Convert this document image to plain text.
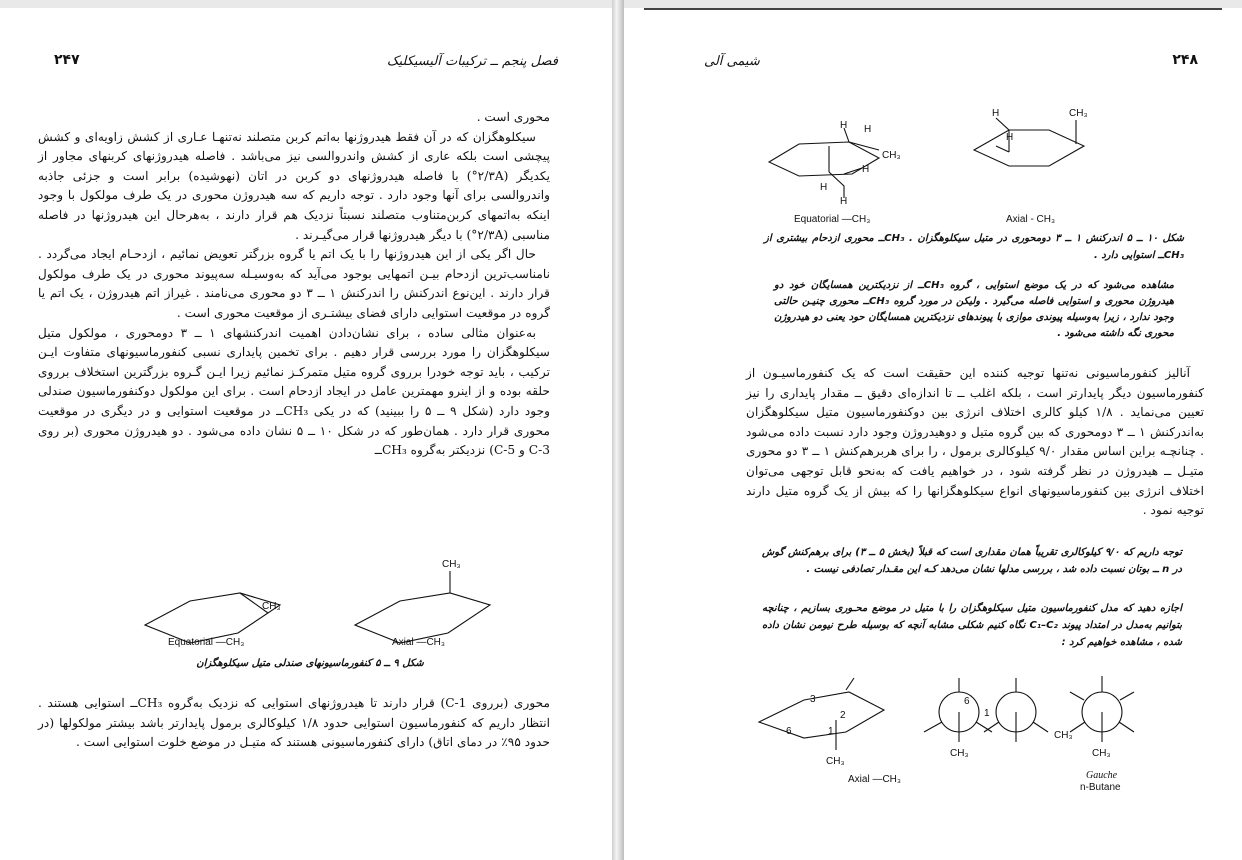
۲۴۷	فصل پنجم ــ ترکیبات آلیسیکلیک

محوری است .

سیکلوهگزان که در آن فقط هیدروژنها به‌اتم کربن متصلند نه‌تنهـا عـاری از کشش زاویه‌ای و کشش پیچشی است بلکه عاری از کشش واندروالسی نیز می‌باشد . فاصله هیدروژنهای کربنهای مجاور از یکدیگر (۲/۳A°) با فاصله هیدروژنهای دو کربن در اتان (نهوشیده) برابر است و جزئی جاذبه واندروالسی برای آنها وجود دارد . توجه داریم که سه هیدروژن محوری در یک طرف مولکول با وجود اینکه به‌اتمهای کربن‌متناوب متصلند نسبتاً نزدیک هم قرار دارند ، به‌هرحال این هیدروژنها در فاصله مناسبی (۲/۳A°) با دیگر هیدروژنها قرار می‌گیـرند .

حال اگر یکی از این هیدروژنها را با یک اتم یا گروه بزرگتر تعویض نمائیم ، ازدحـام ایجاد می‌گردد . نامناسب‌ترین ازدحام بیـن اتمهایی بوجود می‌آید که به‌وسیـله سه‌پیوند محوری در یک طرف مولکول قرار دارند . این‌نوع اندرکنش را اندرکنش ۱ ــ ۳ دو محوری می‌نامند . غیراز اتم هیدروژن ، یک اتم یا گروه در موقعیت استوایی دارای فضای بیشتـری از موقعیت محوری است .

به‌عنوان مثالی ساده ، برای نشان‌دادن اهمیت اندرکنشهای ۱ ــ ۳ دومحوری ، مولکول متیل سیکلوهگزان را مورد بررسی قرار دهیم . برای تخمین پایداری نسبی کنفورماسیونهای متفاوت ایـن ترکیب ، باید توجه خودرا برروی گروه متیل متمرکـز نمائیم زیرا ایـن گـروه بزرگترین استخلاف برروی حلقه بوده و از اینرو مهمترین عامل در ایجاد ازدحام است . برای این مولکول دوکنفورماسیون صندلی وجود دارد (شکل ۹ ــ ۵ را ببینید) که در یکی CH₃ــ در موقعیت استوایی و در دیگری در موقعیت محوری قرار دارد . همان‌طور که در شکل ۱۰ ــ ۵ نشان داده می‌شود . دو هیدروژن محوری (بر روی C-3 و C-5) نزدیکتر به‌گروه CH₃ــ

CH₃
CH₃
Equatorial —CH₃	Axial —CH₃
شکل ۹ ــ ۵ کنفورماسیونهای صندلی متیل سیکلوهگزان

محوری (برروی C-1) قرار دارند تا هیدروژنهای استوایی که نزدیک به‌گروه CH₃ــ استوایی هستند . انتظار داریم که کنفورماسیون استوایی حدود ۱/۸ کیلوکالری برمول پایدارتر باشد بیشتر مولکولها (در حدود ۹۵٪ در دمای اتاق) دارای کنفورماسیونی هستند که متیـل در موضع خلوت استوایی است .

شیمی آلی	۲۴۸
H H
CH₃
H
H
H
H	CH₃
H
Equatorial —CH₃	Axial - CH₃
شکل ۱۰ ــ ۵ اندرکنش ۱ ــ ۳ دومحوری در متیل سیکلوهگزان . CH₃ــ محوری ازدحام بیشتری از CH₃ــ استوایی دارد .
مشاهده می‌شود که در یک موضع استوایی ، گروه CH₃ــ از نزدیکترین همسایگان خود دو هیدروژن محوری و استوایی فاصله می‌گیرد . ولیکن در مورد گروه CH₃ــ محوری چنیـن حالتی وجود ندارد ، زیرا به‌وسیله پیوندی موازی با پیوندهای نزدیکترین همسایگان حود یعنی دو هیدروژن محوری نگه داشته می‌شود .

آنالیز کنفورماسیونی نه‌تنها توجیه کننده این حقیقت است که یک کنفورماسیـون از کنفورماسیون دیگر پایدارتر است ، بلکه اغلب ــ تا اندازه‌ای دقیق ــ مقدار پایداری را نیز تعیین می‌نماید . ۱/۸ کیلو کالری اختلاف انرژی بین دوکنفورماسیون متیل سیکلوهگزان به‌اندرکنش ۱ ــ ۳ دومحوری که بین گروه متیل و دوهیدروژن وجود دارد نسبت داده می‌شود . چنانچـه براین اساس مقدار ۹/۰ کیلوکالری برمول ، را برای هربرهم‌کنش ۱ ــ ۳ دو محوری متیـل ــ هیدروژن در نظر گرفته شود ، در خواهیم یافت که به‌نحو قابل توجهی می‌توان اختلاف انرژی بین کنفورماسیونهای انواع سیکلوهگزانها را که بیش از یک گروه متیل دارند توجیه نمود .

توجه داریم که ۹/۰ کیلوکالری تقریباً همان مقداری است که قبلاً (بخش ۵ ــ ۳) برای برهم‌کنش گوش در n ــ بوتان نسبت داده شد ، بررسی مدلها نشان می‌دهد کـه این مقـدار تصادفی نیست .
اجازه دهید که مدل کنفورماسیون متیل سیکلوهگزان را با متیل در موضع محـوری بسازیم ، چنانچه بتوانیم به‌مدل در امتداد پیوند C₁–C₂ نگاه کنیم شکلی مشابه آنچه که بوسیله طرح نیومن نشان داده شده ، مشاهده خواهیم کرد :
3
2
1
6
CH₃
6
1
CH₃
CH₃
CH₃
Axial —CH₃	Gauche
n-Butane
